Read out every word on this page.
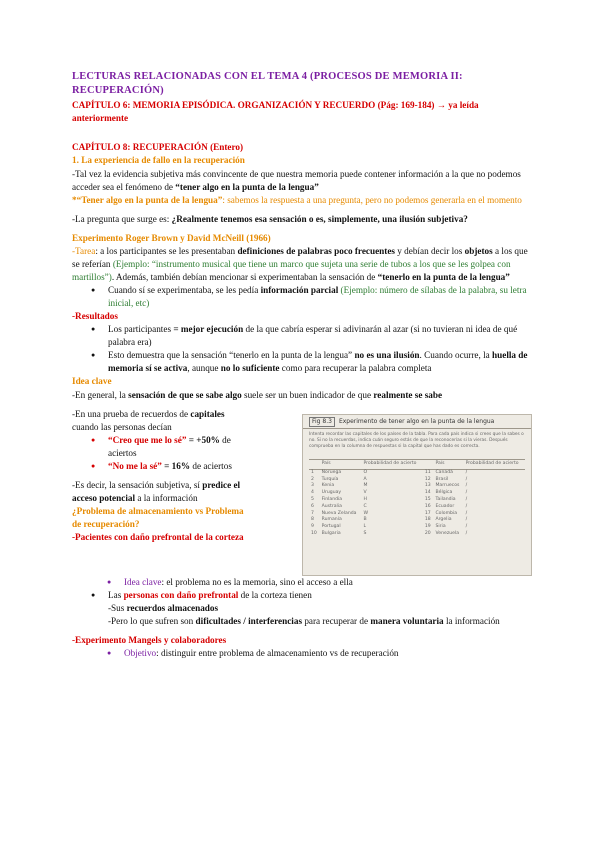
LECTURAS RELACIONADAS CON EL TEMA 4 (PROCESOS DE MEMORIA II: RECUPERACIÓN)

CAPÍTULO 6: MEMORIA EPISÓDICA. ORGANIZACIÓN Y RECUERDO (Pág: 169-184) → ya leída anteriormente

CAPÍTULO 8: RECUPERACIÓN (Entero)

1. La experiencia de fallo en la recuperación

-Tal vez la evidencia subjetiva más convincente de que nuestra memoria puede contener información a la que no podemos acceder sea el fenómeno de “tener algo en la punta de la lengua”

*“Tener algo en la punta de la lengua”: sabemos la respuesta a una pregunta, pero no podemos generarla en el momento

-La pregunta que surge es: ¿Realmente tenemos esa sensación o es, simplemente, una ilusión subjetiva?

Experimento Roger Brown y David McNeill (1966)

-Tarea: a los participantes se les presentaban definiciones de palabras poco frecuentes y debían decir los objetos a los que se referían (Ejemplo: “instrumento musical que tiene un marco que sujeta una serie de tubos a los que se les golpea con martillos”). Además, también debían mencionar si experimentaban la sensación de “tenerlo en la punta de la lengua”

● Cuando sí se experimentaba, se les pedía información parcial (Ejemplo: número de sílabas de la palabra, su letra inicial, etc)

-Resultados

● Los participantes = mejor ejecución de la que cabría esperar si adivinarán al azar (si no tuvieran ni idea de qué palabra era)
● Esto demuestra que la sensación “tenerlo en la punta de la lengua” no es una ilusión. Cuando ocurre, la huella de memoria sí se activa, aunque no lo suficiente como para recuperar la palabra completa

Idea clave

-En general, la sensación de que se sabe algo suele ser un buen indicador de que realmente se sabe

Fig 8.3 Experimento de tener algo en la punta de la lengua
Intenta recordar las capitales de los países de la tabla. Para cada país indica si crees que la sabes o no. Si no la recuerdas, indica cuán seguro estás de que la reconocerías si la vieras. Después comprueba en la columna de respuestas si la capital que has dado es correcta.
	País	Probabilidad de acierto		País	Probabilidad de acierto
1	Noruega	O	11	Canadá	/
2	Turquía	A	12	Brasil	/
3	Kenia	M	13	Marruecos	/
4	Uruguay	V	14	Bélgica	/
5	Finlandia	H	15	Tailandia	/
6	Australia	C	16	Ecuador	/
7	Nueva Zelanda	W	17	Colombia	/
8	Rumanía	B	18	Argelia	/
9	Portugal	L	19	Siria	/
10	Bulgaria	S	20	Venezuela	/

-En una prueba de recuerdos de capitales cuando las personas decían

● “Creo que me lo sé” = +50% de aciertos
● “No me la sé” = 16% de aciertos

-Es decir, la sensación subjetiva, sí predice el acceso potencial a la información

¿Problema de almacenamiento vs Problema de recuperación?

-Pacientes con daño prefrontal de la corteza

● Idea clave: el problema no es la memoria, sino el acceso a ella
● Las personas con daño prefrontal de la corteza tienen
-Sus recuerdos almacenados
-Pero lo que sufren son dificultades / interferencias para recuperar de manera voluntaria la información

-Experimento Mangels y colaboradores

● Objetivo: distinguir entre problema de almacenamiento vs de recuperación
